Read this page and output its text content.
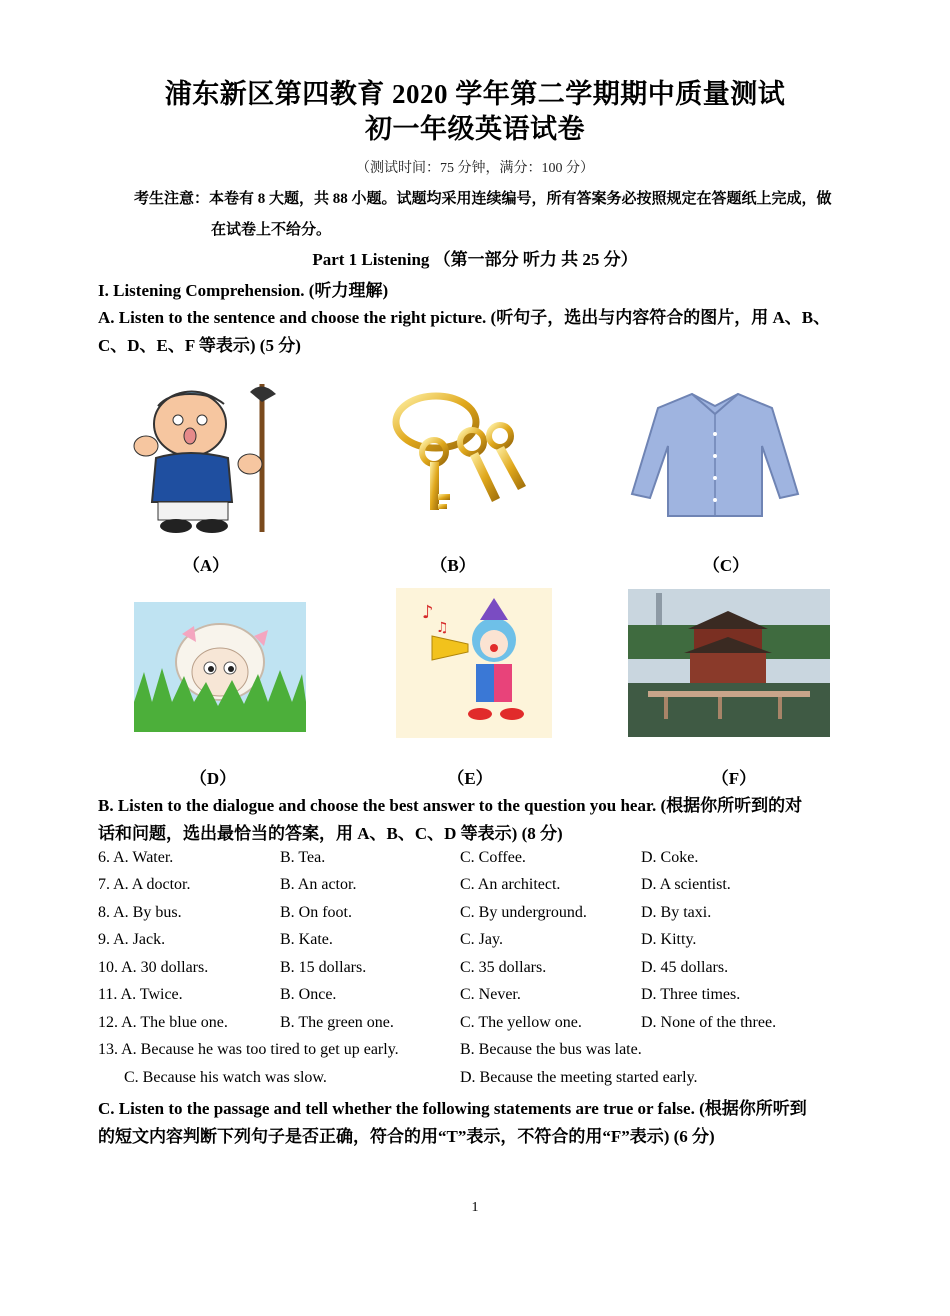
浦东新区第四教育 2020 学年第二学期期中质量测试
初一年级英语试卷
（测试时间：75 分钟，满分：100 分）
考生注意：本卷有 8 大题，共 88 小题。试题均采用连续编号，所有答案务必按照规定在答题纸上完成，做
在试卷上不给分。
Part 1 Listening （第一部分 听力 共 25 分）
I. Listening Comprehension. (听力理解)
A. Listen to the sentence and choose the right picture. (听句子，选出与内容符合的图片，用 A、B、
C、D、E、F 等表示) (5 分)
（A）	（B）	（C）
♪
♫
（D）	（E）	（F）
B. Listen to the dialogue and choose the best answer to the question you hear. (根据你所听到的对
话和问题，选出最恰当的答案，用 A、B、C、D 等表示) (8 分)
6. A. Water.	B. Tea.	C. Coffee.	D. Coke.
7. A. A doctor.	B. An actor.	C. An architect.	D. A scientist.
8. A. By bus.	B. On foot.	C. By underground.	D. By taxi.
9. A. Jack.	B. Kate.	C. Jay.	D. Kitty.
10. A. 30 dollars.	B. 15 dollars.	C. 35 dollars.	D. 45 dollars.
11. A. Twice.	B. Once.	C. Never.	D. Three times.
12. A. The blue one.	B. The green one.	C. The yellow one.	D. None of the three.
13. A. Because he was too tired to get up early.	B. Because the bus was late.
C. Because his watch was slow.	D. Because the meeting started early.
C. Listen to the passage and tell whether the following statements are true or false. (根据你所听到
的短文内容判断下列句子是否正确，符合的用“T”表示，不符合的用“F”表示) (6 分)
1
